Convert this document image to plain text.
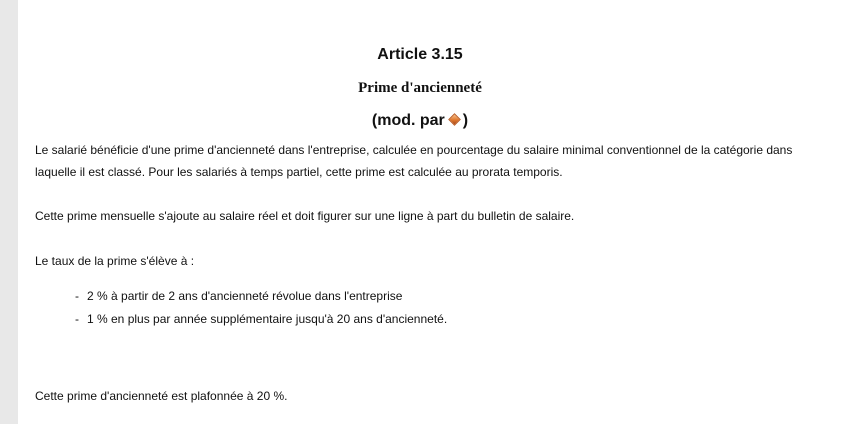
Article 3.15
Prime d'ancienneté
(mod. par )

Le salarié bénéficie d'une prime d'ancienneté dans l'entreprise, calculée en pourcentage du salaire minimal conventionnel de la catégorie dans laquelle il est classé. Pour les salariés à temps partiel, cette prime est calculée au prorata temporis.

Cette prime mensuelle s'ajoute au salaire réel et doit figurer sur une ligne à part du bulletin de salaire.

Le taux de la prime s'élève à :

- 2 % à partir de 2 ans d'ancienneté révolue dans l'entreprise
- 1 % en plus par année supplémentaire jusqu'à 20 ans d'ancienneté.

Cette prime d'ancienneté est plafonnée à 20 %.
